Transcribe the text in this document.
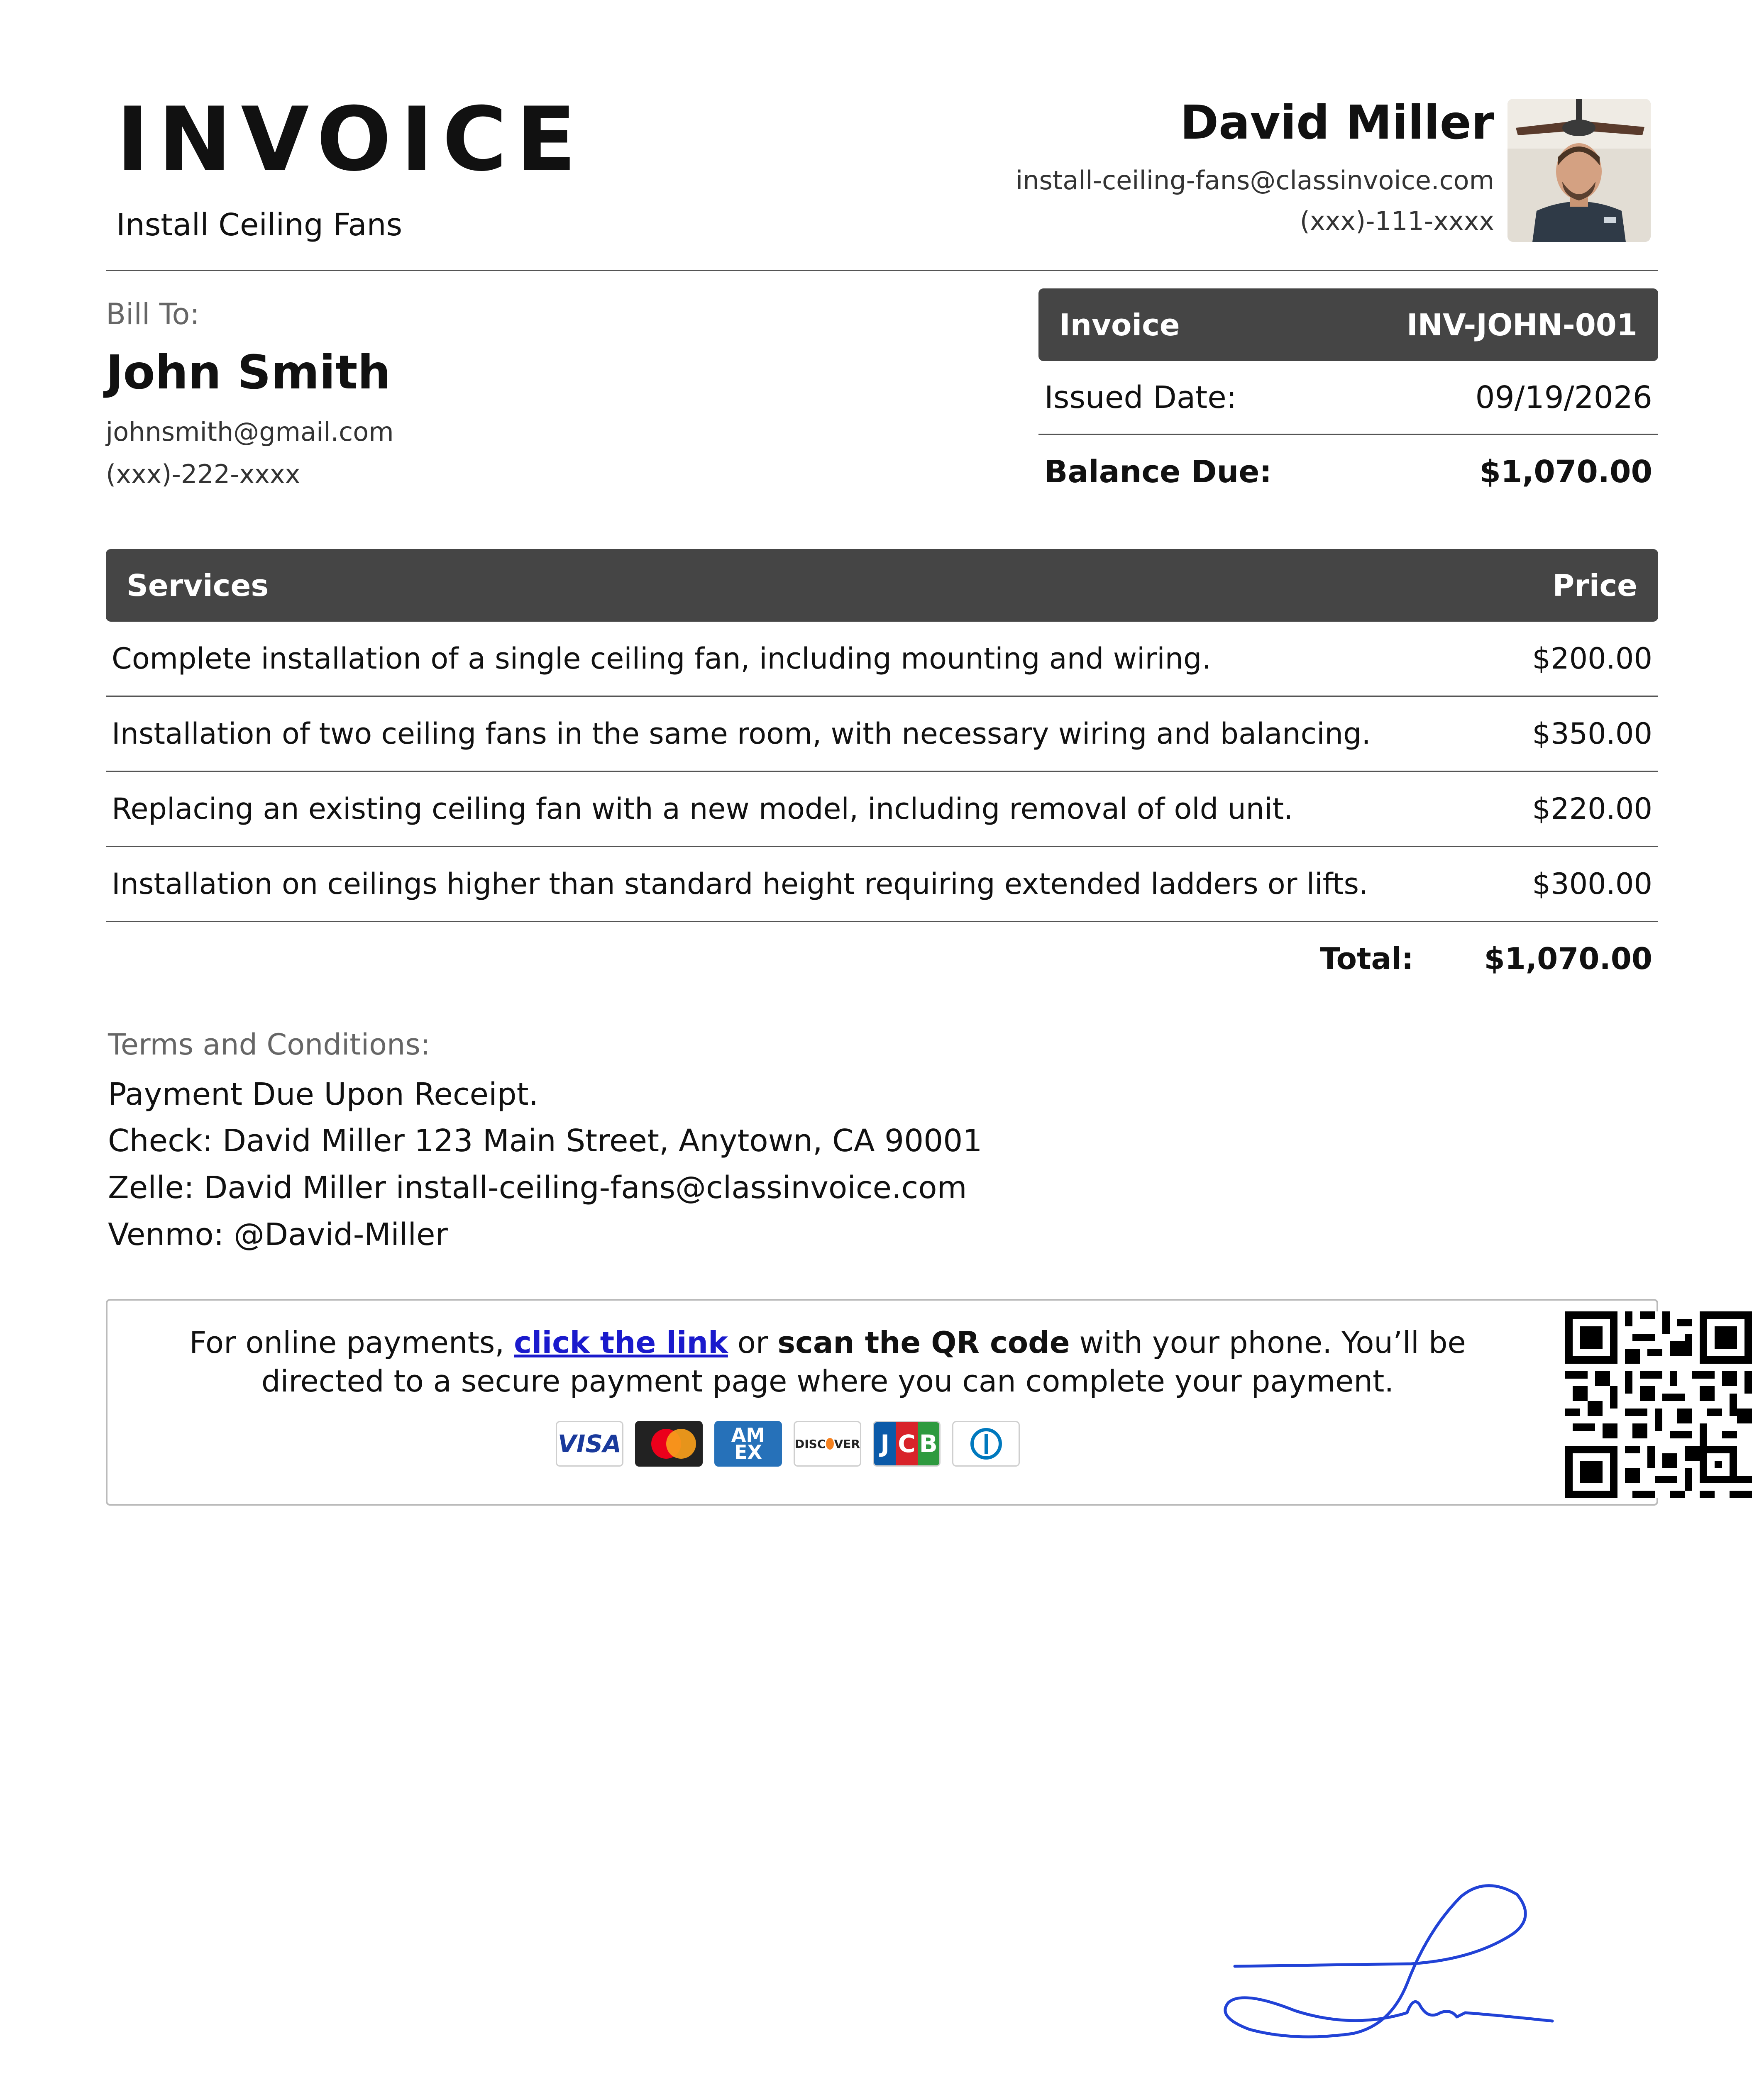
INVOICE
Install Ceiling Fans
David Miller
install-ceiling-fans@classinvoice.com
(xxx)-111-xxxx
Bill To:
John Smith
johnsmith@gmail.com
(xxx)-222-xxxx
Invoice	INV-JOHN-001
Issued Date:	09/19/2026
Balance Due:	$1,070.00
Services	Price
Complete installation of a single ceiling fan, including mounting and wiring.	$200.00
Installation of two ceiling fans in the same room, with necessary wiring and balancing.	$350.00
Replacing an existing ceiling fan with a new model, including removal of old unit.	$220.00
Installation on ceilings higher than standard height requiring extended ladders or lifts.	$300.00
Total: $1,070.00
Terms and Conditions:
Payment Due Upon Receipt.
Check: David Miller 123 Main Street, Anytown, CA 90001
Zelle: David Miller install-ceiling-fans@classinvoice.com
Venmo: @David-Miller
For online payments, click the link or scan the QR code with your phone. You’ll be directed to a secure payment page where you can complete your payment.
VISA	AM
EX	DISC VER J C B
